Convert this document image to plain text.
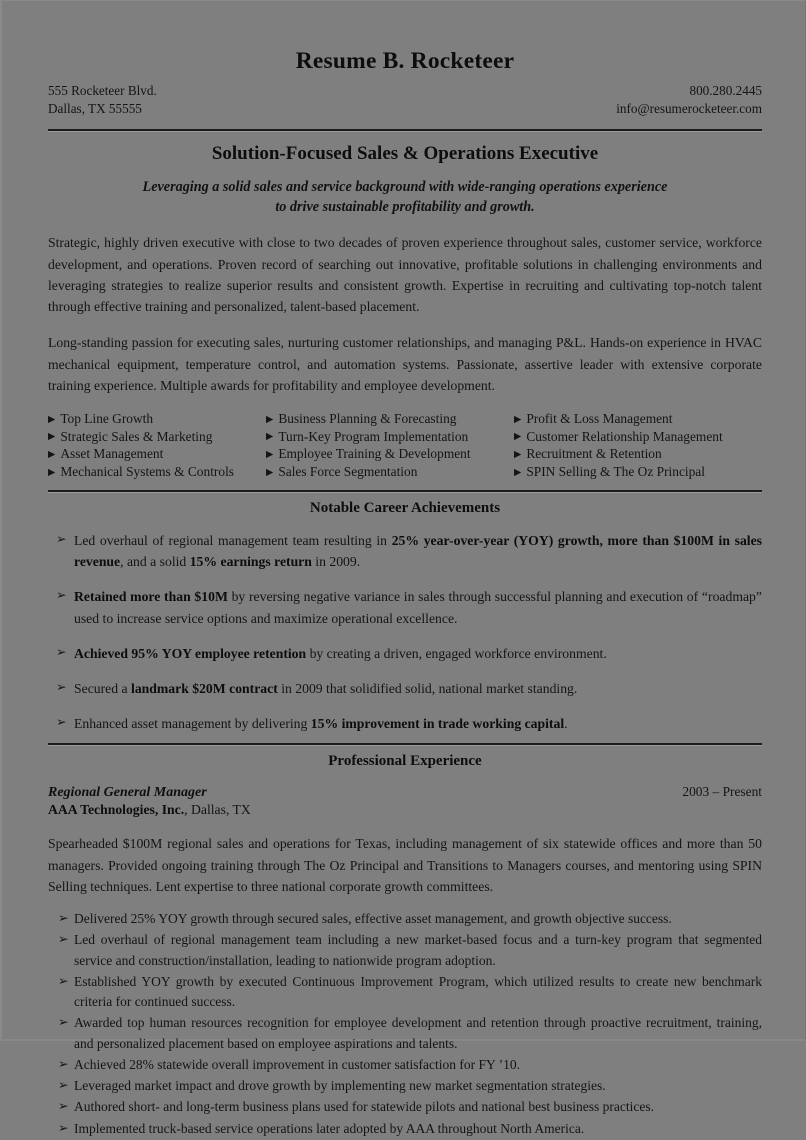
Resume B. Rocketeer
555 Rocketeer Blvd.
Dallas, TX 55555
800.280.2445
info@resumerocketeer.com
Solution-Focused Sales & Operations Executive
Leveraging a solid sales and service background with wide-ranging operations experience
to drive sustainable profitability and growth.
Strategic, highly driven executive with close to two decades of proven experience throughout sales, customer service, workforce development, and operations. Proven record of searching out innovative, profitable solutions in challenging environments and leveraging strategies to realize superior results and consistent growth. Expertise in recruiting and cultivating top-notch talent through effective training and personalized, talent-based placement.
Long-standing passion for executing sales, nurturing customer relationships, and managing P&L. Hands-on experience in HVAC mechanical equipment, temperature control, and automation systems. Passionate, assertive leader with extensive corporate training experience. Multiple awards for profitability and employee development.
▶ Top Line Growth
▶ Strategic Sales & Marketing
▶ Asset Management
▶ Mechanical Systems & Controls
▶ Business Planning & Forecasting
▶ Turn-Key Program Implementation
▶ Employee Training & Development
▶ Sales Force Segmentation
▶ Profit & Loss Management
▶ Customer Relationship Management
▶ Recruitment & Retention
▶ SPIN Selling & The Oz Principal
Notable Career Achievements
➢ Led overhaul of regional management team resulting in 25% year-over-year (YOY) growth, more than $100M in sales revenue, and a solid 15% earnings return in 2009.
➢ Retained more than $10M by reversing negative variance in sales through successful planning and execution of “roadmap” used to increase service options and maximize operational excellence.
➢ Achieved 95% YOY employee retention by creating a driven, engaged workforce environment.
➢ Secured a landmark $20M contract in 2009 that solidified solid, national market standing.
➢ Enhanced asset management by delivering 15% improvement in trade working capital.
Professional Experience
Regional General Manager	2003 – Present
AAA Technologies, Inc., Dallas, TX
Spearheaded $100M regional sales and operations for Texas, including management of six statewide offices and more than 50 managers. Provided ongoing training through The Oz Principal and Transitions to Managers courses, and mentoring using SPIN Selling techniques. Lent expertise to three national corporate growth committees.
➢ Delivered 25% YOY growth through secured sales, effective asset management, and growth objective success.
➢ Led overhaul of regional management team including a new market-based focus and a turn-key program that segmented service and construction/installation, leading to nationwide program adoption.
➢ Established YOY growth by executed Continuous Improvement Program, which utilized results to create new benchmark criteria for continued success.
➢ Awarded top human resources recognition for employee development and retention through proactive recruitment, training, and personalized placement based on employee aspirations and talents.
➢ Achieved 28% statewide overall improvement in customer satisfaction for FY ’10.
➢ Leveraged market impact and drove growth by implementing new market segmentation strategies.
➢ Authored short- and long-term business plans used for statewide pilots and national best business practices.
➢ Implemented truck-based service operations later adopted by AAA throughout North America.
